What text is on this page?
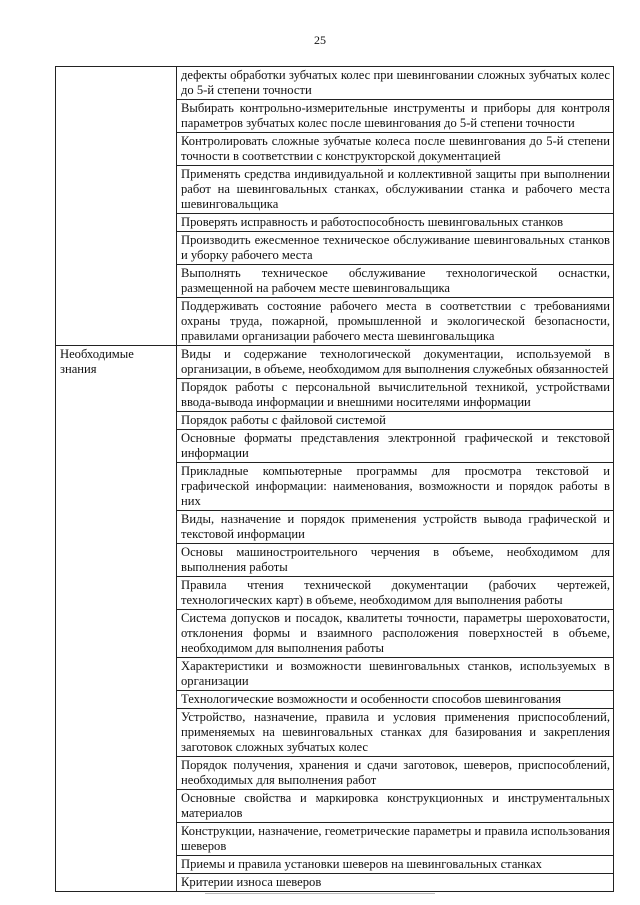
25
	дефекты обработки зубчатых колес при шевинговании сложных зубчатых колес до 5-й степени точности
	Выбирать контрольно-измерительные инструменты и приборы для контроля параметров зубчатых колес после шевингования до 5-й степени точности
	Контролировать сложные зубчатые колеса после шевингования до 5-й степени точности в соответствии с конструкторской документацией
	Применять средства индивидуальной и коллективной защиты при выполнении работ на шевинговальных станках, обслуживании станка и рабочего места шевинговальщика
	Проверять исправность и работоспособность шевинговальных станков
	Производить ежесменное техническое обслуживание шевинговальных станков и уборку рабочего места
	Выполнять техническое обслуживание технологической оснастки, размещенной на рабочем месте шевинговальщика
	Поддерживать состояние рабочего места в соответствии с требованиями охраны труда, пожарной, промышленной и экологической безопасности, правилами организации рабочего места шевинговальщика

Необходимые
знания	Виды и содержание технологической документации, используемой в организации, в объеме, необходимом для выполнения служебных обязанностей
	Порядок работы с персональной вычислительной техникой, устройствами ввода-вывода информации и внешними носителями информации
	Порядок работы с файловой системой
	Основные форматы представления электронной графической и текстовой информации
	Прикладные компьютерные программы для просмотра текстовой и графической информации: наименования, возможности и порядок работы в них
	Виды, назначение и порядок применения устройств вывода графической и текстовой информации
	Основы машиностроительного черчения в объеме, необходимом для выполнения работы
	Правила чтения технической документации (рабочих чертежей, технологических карт) в объеме, необходимом для выполнения работы
	Система допусков и посадок, квалитеты точности, параметры шероховатости, отклонения формы и взаимного расположения поверхностей в объеме, необходимом для выполнения работы
	Характеристики и возможности шевинговальных станков, используемых в организации
	Технологические возможности и особенности способов шевингования
	Устройство, назначение, правила и условия применения приспособлений, применяемых на шевинговальных станках для базирования и закрепления заготовок сложных зубчатых колес
	Порядок получения, хранения и сдачи заготовок, шеверов, приспособлений, необходимых для выполнения работ
	Основные свойства и маркировка конструкционных и инструментальных материалов
	Конструкции, назначение, геометрические параметры и правила использования шеверов
	Приемы и правила установки шеверов на шевинговальных станках
	Критерии износа шеверов
